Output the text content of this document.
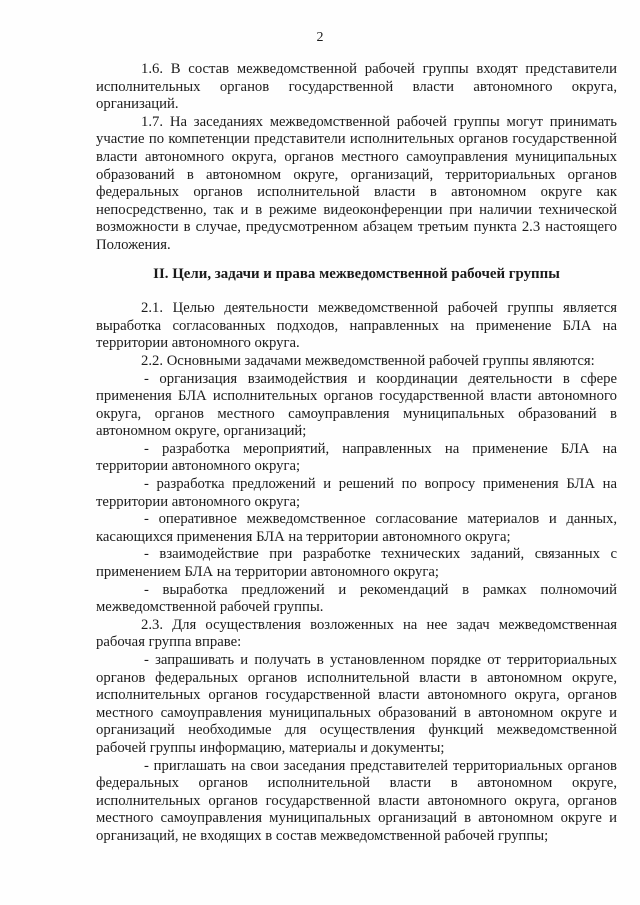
2

1.6. В состав межведомственной рабочей группы входят представители исполнительных органов государственной власти автономного округа, организаций.

1.7. На заседаниях межведомственной рабочей группы могут принимать участие по компетенции представители исполнительных органов государственной власти автономного округа, органов местного самоуправления муниципальных образований в автономном округе, организаций, территориальных органов федеральных органов исполнительной власти в автономном округе как непосредственно, так и в режиме видеоконференции при наличии технической возможности в случае, предусмотренном абзацем третьим пункта 2.3 настоящего Положения.

II. Цели, задачи и права межведомственной рабочей группы

2.1. Целью деятельности межведомственной рабочей группы является выработка согласованных подходов, направленных на применение БЛА на территории автономного округа.

2.2. Основными задачами межведомственной рабочей группы являются:

- организация взаимодействия и координации деятельности в сфере применения БЛА исполнительных органов государственной власти автономного округа, органов местного самоуправления муниципальных образований в автономном округе, организаций;

- разработка мероприятий, направленных на применение БЛА на территории автономного округа;

- разработка предложений и решений по вопросу применения БЛА на территории автономного округа;

- оперативное межведомственное согласование материалов и данных, касающихся применения БЛА на территории автономного округа;

- взаимодействие при разработке технических заданий, связанных с применением БЛА на территории автономного округа;

- выработка предложений и рекомендаций в рамках полномочий межведомственной рабочей группы.

2.3. Для осуществления возложенных на нее задач межведомственная рабочая группа вправе:

- запрашивать и получать в установленном порядке от территориальных органов федеральных органов исполнительной власти в автономном округе, исполнительных органов государственной власти автономного округа, органов местного самоуправления муниципальных образований в автономном округе и организаций необходимые для осуществления функций межведомственной рабочей группы информацию, материалы и документы;

- приглашать на свои заседания представителей территориальных органов федеральных органов исполнительной власти в автономном округе, исполнительных органов государственной власти автономного округа, органов местного самоуправления муниципальных организаций в автономном округе и организаций, не входящих в состав межведомственной рабочей группы;
